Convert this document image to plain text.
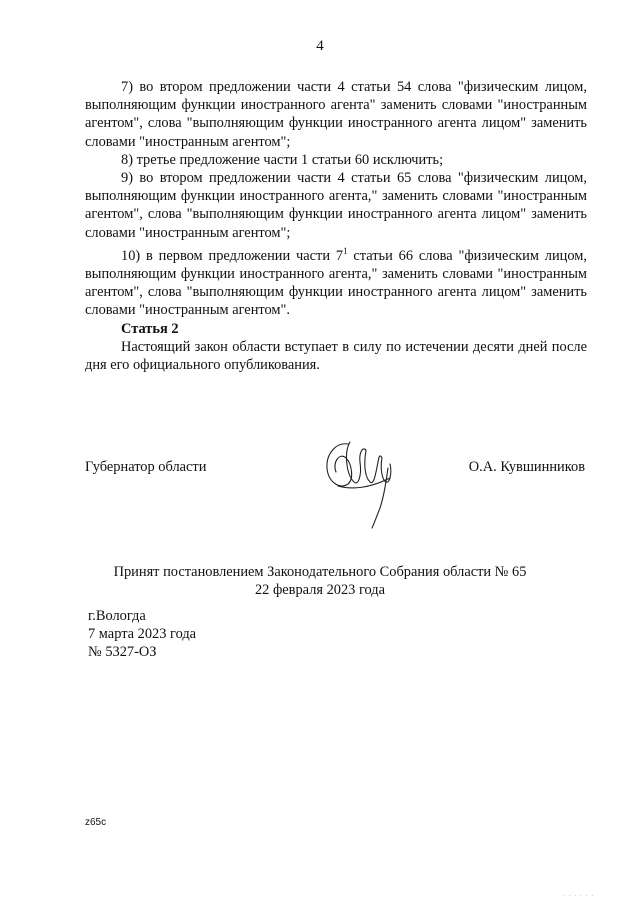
4

7) во втором предложении части 4 статьи 54 слова "физическим лицом, выполняющим функции иностранного агента" заменить словами "иностранным агентом", слова "выполняющим функции иностранного агента лицом" заменить словами "иностранным агентом";

8) третье предложение части 1 статьи 60 исключить;

9) во втором предложении части 4 статьи 65 слова "физическим лицом, выполняющим функции иностранного агента," заменить словами "иностранным агентом", слова "выполняющим функции иностранного агента лицом" заменить словами "иностранным агентом";

10) в первом предложении части $7^1$ статьи 66 слова "физическим лицом, выполняющим функции иностранного агента," заменить словами "иностранным агентом", слова "выполняющим функции иностранного агента лицом" заменить словами "иностранным агентом".

Статья 2

Настоящий закон области вступает в силу по истечении десяти дней после дня его официального опубликования.

Губернатор области	О.А. Кувшинников
Принят постановлением Законодательного Собрания области № 65
22 февраля 2023 года
г.Вологда
7 марта 2023 года
№ 5327-ОЗ
z65c
· · · · · ·
